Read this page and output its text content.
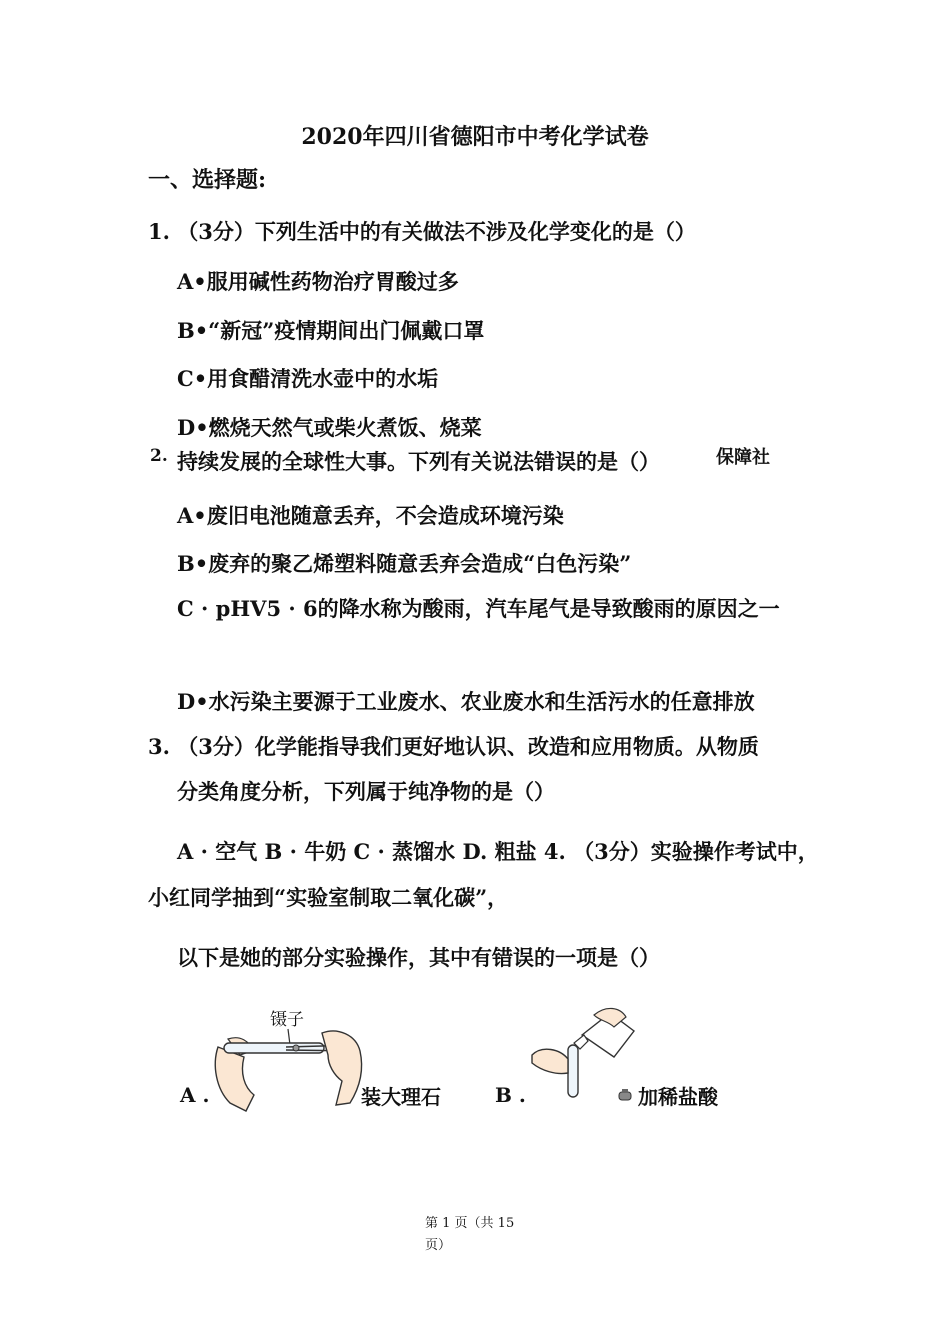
2020年四川省德阳市中考化学试卷
一、选择题:
1. （3分）下列生活中的有关做法不涉及化学变化的是（）
A•服用碱性药物治疗胃酸过多
B•“新冠”疫情期间出门佩戴口罩
C•用食醋清洗水壶中的水垢
D•燃烧天然气或柴火煮饭、烧菜
2. 持续发展的全球性大事。下列有关说法错误的是（）	保障社
A•废旧电池随意丢弃，不会造成环境污染
B•废弃的聚乙烯塑料随意丢弃会造成“白色污染”
C · pHV5 · 6的降水称为酸雨，汽车尾气是导致酸雨的原因之一
D•水污染主要源于工业废水、农业废水和生活污水的任意排放
3. （3分）化学能指导我们更好地认识、改造和应用物质。从物质
分类角度分析，下列属于纯净物的是（）
A · 空气 B · 牛奶 C · 蒸馏水 D. 粗盐 4. （3分）实验操作考试中，
小红同学抽到“实验室制取二氧化碳”，
以下是她的部分实验操作，其中有错误的一项是（）
A .
镊子
装大理石	B .	加稀盐酸
第 1 页（共 15
页）
